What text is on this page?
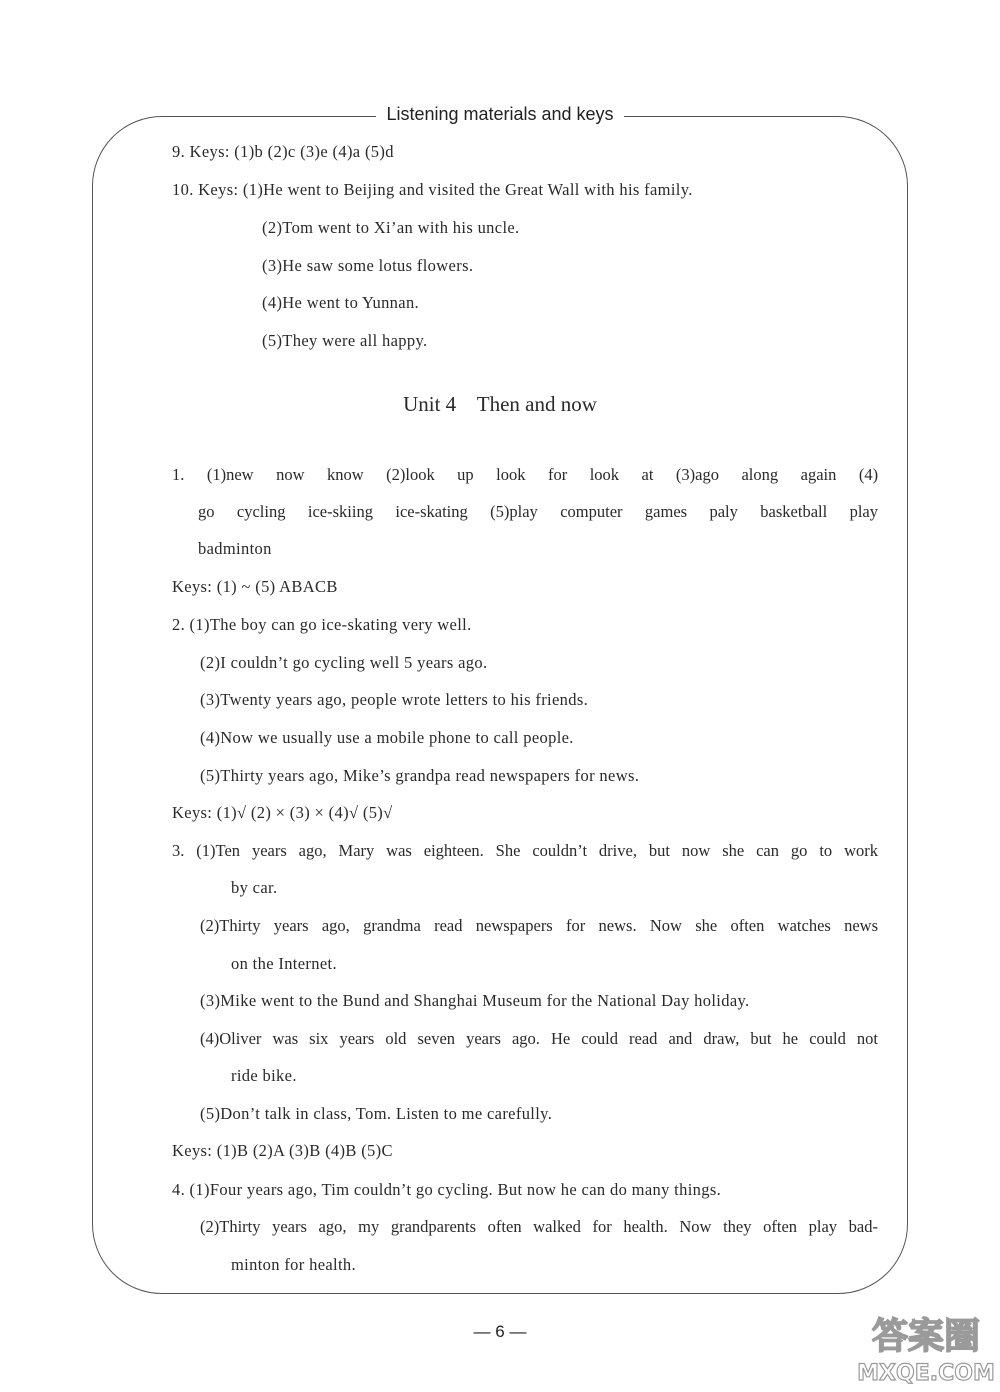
Listening materials and keys
9. Keys: (1)b (2)c (3)e (4)a (5)d
10. Keys: (1)He went to Beijing and visited the Great Wall with his family.
(2)Tom went to Xi’an with his uncle.
(3)He saw some lotus flowers.
(4)He went to Yunnan.
(5)They were all happy.
Unit 4    Then and now
1. (1)new now know (2)look up look for look at (3)ago along again (4)
go cycling ice-skiing ice-skating (5)play computer games paly basketball play
badminton
Keys: (1) ~ (5) ABACB
2. (1)The boy can go ice-skating very well.
(2)I couldn’t go cycling well 5 years ago.
(3)Twenty years ago, people wrote letters to his friends.
(4)Now we usually use a mobile phone to call people.
(5)Thirty years ago, Mike’s grandpa read newspapers for news.
Keys: (1)√ (2) × (3) × (4)√ (5)√
3. (1)Ten years ago, Mary was eighteen. She couldn’t drive, but now she can go to work
by car.
(2)Thirty years ago, grandma read newspapers for news. Now she often watches news
on the Internet.
(3)Mike went to the Bund and Shanghai Museum for the National Day holiday.
(4)Oliver was six years old seven years ago. He could read and draw, but he could not
ride bike.
(5)Don’t talk in class, Tom. Listen to me carefully.
Keys: (1)B (2)A (3)B (4)B (5)C
4. (1)Four years ago, Tim couldn’t go cycling. But now he can do many things.
(2)Thirty years ago, my grandparents often walked for health. Now they often play bad-
minton for health.
— 6 —	答案圈
MXQE.COM
